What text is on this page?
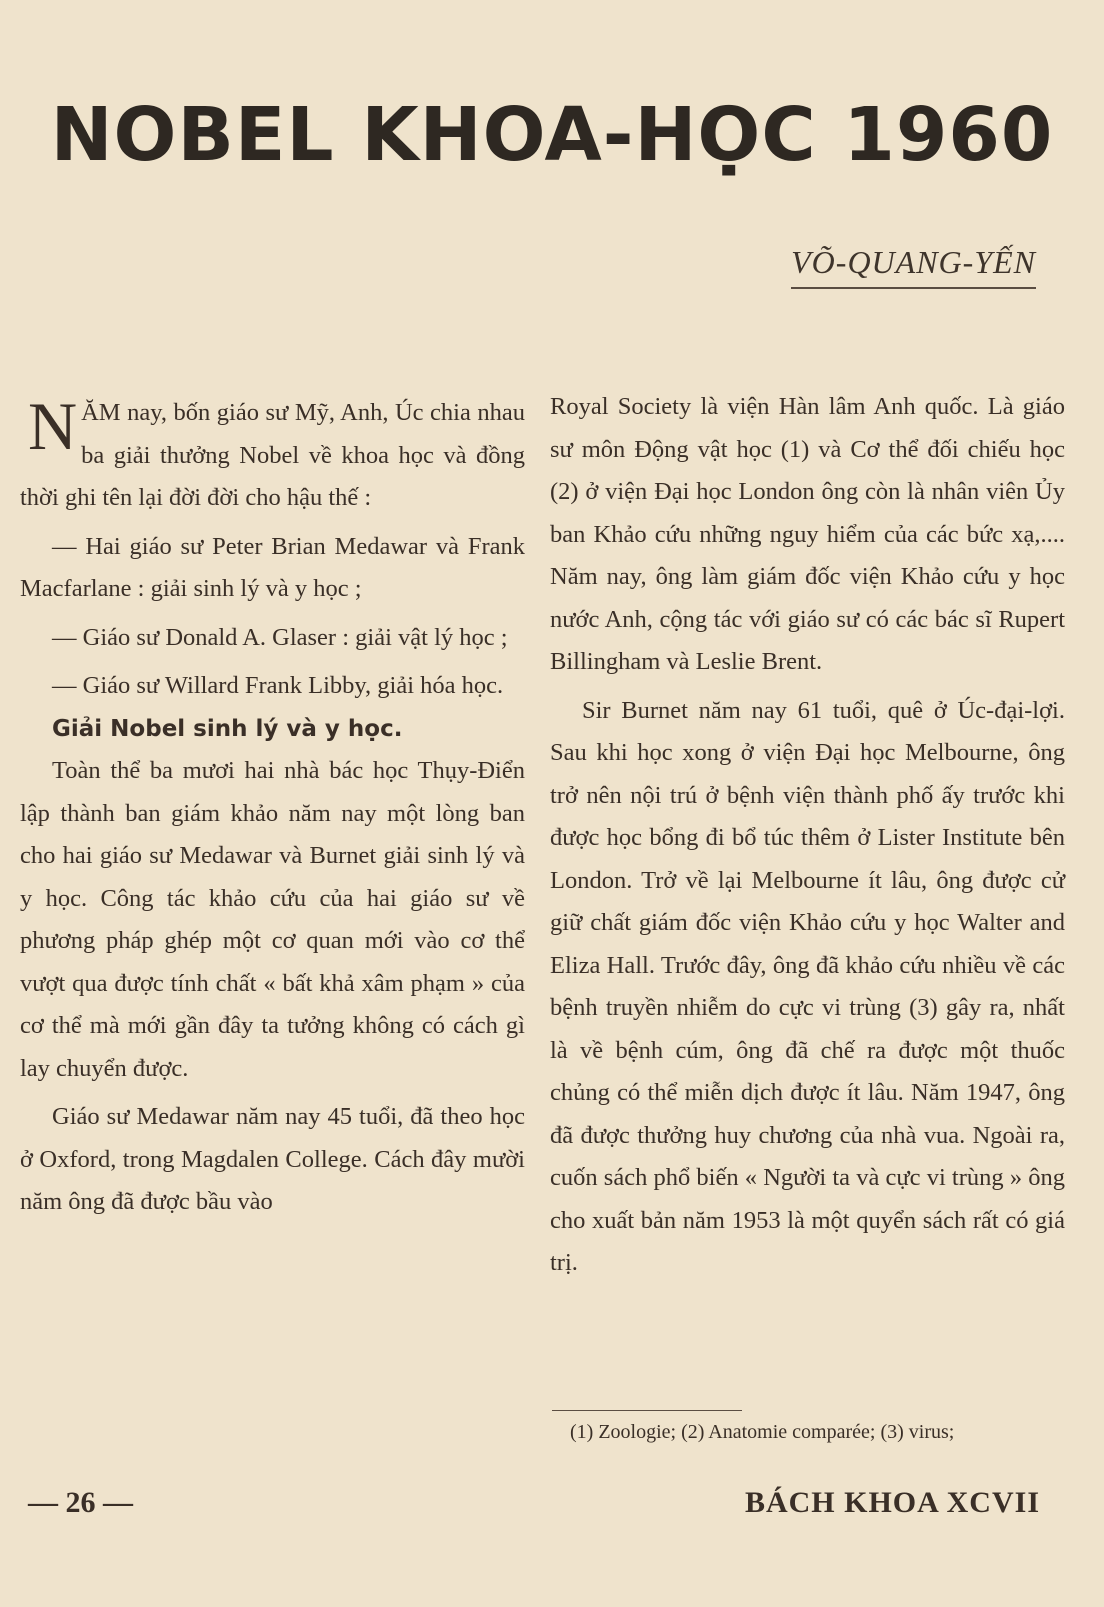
NOBEL KHOA-HỌC 1960
VÕ-QUANG-YẾN

NĂM nay, bốn giáo sư Mỹ, Anh, Úc chia nhau ba giải thưởng Nobel về khoa học và đồng thời ghi tên lại đời đời cho hậu thế :

— Hai giáo sư Peter Brian Medawar và Frank Macfarlane : giải sinh lý và y học ;

— Giáo sư Donald A. Glaser : giải vật lý học ;

— Giáo sư Willard Frank Libby, giải hóa học.

Giải Nobel sinh lý và y học.

Toàn thể ba mươi hai nhà bác học Thụy-Điển lập thành ban giám khảo năm nay một lòng ban cho hai giáo sư Medawar và Burnet giải sinh lý và y học. Công tác khảo cứu của hai giáo sư về phương pháp ghép một cơ quan mới vào cơ thể vượt qua được tính chất « bất khả xâm phạm » của cơ thể mà mới gần đây ta tưởng không có cách gì lay chuyển được.

Giáo sư Medawar năm nay 45 tuổi, đã theo học ở Oxford, trong Magdalen College. Cách đây mười năm ông đã được bầu vào

Royal Society là viện Hàn lâm Anh quốc. Là giáo sư môn Động vật học (1) và Cơ thể đối chiếu học (2) ở viện Đại học London ông còn là nhân viên Ủy ban Khảo cứu những nguy hiểm của các bức xạ,.... Năm nay, ông làm giám đốc viện Khảo cứu y học nước Anh, cộng tác với giáo sư có các bác sĩ Rupert Billingham và Leslie Brent.

Sir Burnet năm nay 61 tuổi, quê ở Úc-đại-lợi. Sau khi học xong ở viện Đại học Melbourne, ông trở nên nội trú ở bệnh viện thành phố ấy trước khi được học bổng đi bổ túc thêm ở Lister Institute bên London. Trở về lại Melbourne ít lâu, ông được cử giữ chất giám đốc viện Khảo cứu y học Walter and Eliza Hall. Trước đây, ông đã khảo cứu nhiều về các bệnh truyền nhiễm do cực vi trùng (3) gây ra, nhất là về bệnh cúm, ông đã chế ra được một thuốc chủng có thể miễn dịch được ít lâu. Năm 1947, ông đã được thưởng huy chương của nhà vua. Ngoài ra, cuốn sách phổ biến « Người ta và cực vi trùng » ông cho xuất bản năm 1953 là một quyển sách rất có giá trị.

(1) Zoologie; (2) Anatomie comparée; (3) virus;
— 26 —	BÁCH KHOA XCVII
